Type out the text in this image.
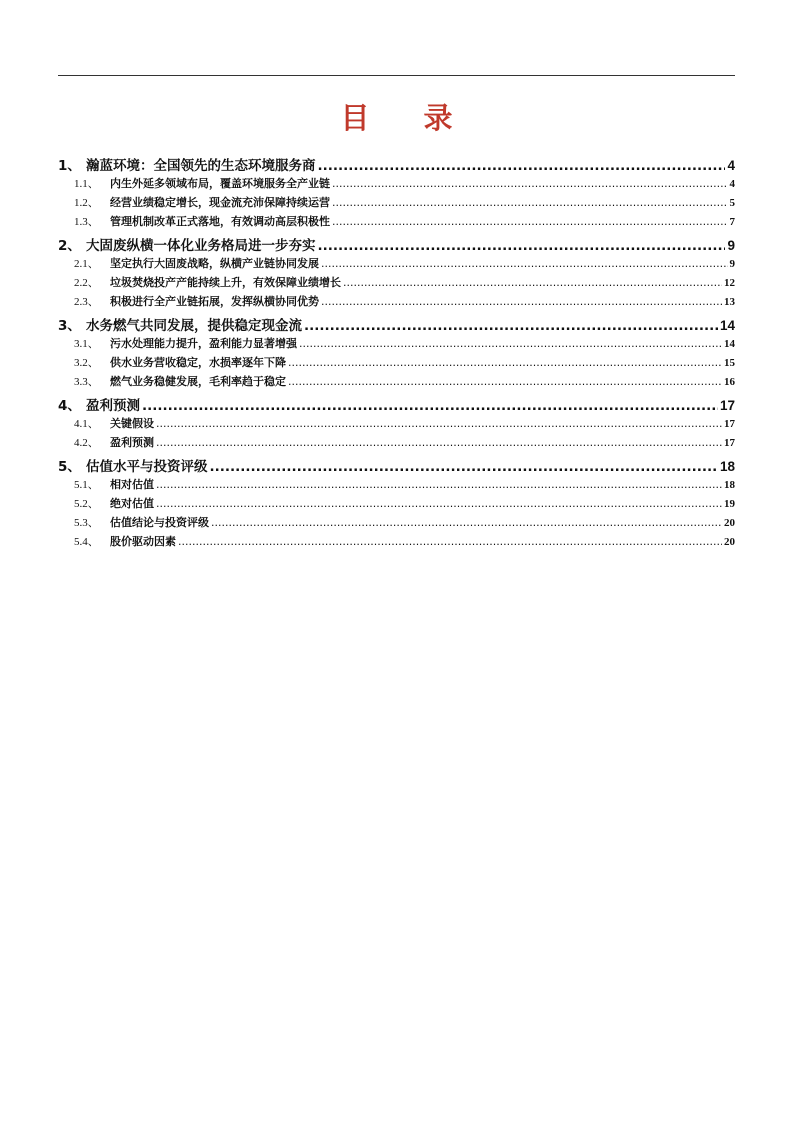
目 录
1、 瀚蓝环境：全国领先的生态环境服务商 .....	4
1.1、	内生外延多领域布局，覆盖环境服务全产业链 .....	4
1.2、	经营业绩稳定增长，现金流充沛保障持续运营 .....	5
1.3、	管理机制改革正式落地，有效调动高层积极性 .....	7
2、 大固废纵横一体化业务格局进一步夯实 .....	9
2.1、	坚定执行大固废战略，纵横产业链协同发展 .....	9
2.2、	垃圾焚烧投产产能持续上升，有效保障业绩增长 .....	12
2.3、	积极进行全产业链拓展，发挥纵横协同优势 .....	13
3、 水务燃气共同发展，提供稳定现金流 .....	14
3.1、	污水处理能力提升，盈利能力显著增强 .....	14
3.2、	供水业务营收稳定，水损率逐年下降 .....	15
3.3、	燃气业务稳健发展，毛利率趋于稳定 .....	16
4、 盈利预测 .....	17
4.1、	关键假设 .....	17
4.2、	盈利预测 .....	17
5、 估值水平与投资评级 .....	18
5.1、	相对估值 .....	18
5.2、	绝对估值 .....	19
5.3、	估值结论与投资评级 .....	20
5.4、	股价驱动因素 .....	20
